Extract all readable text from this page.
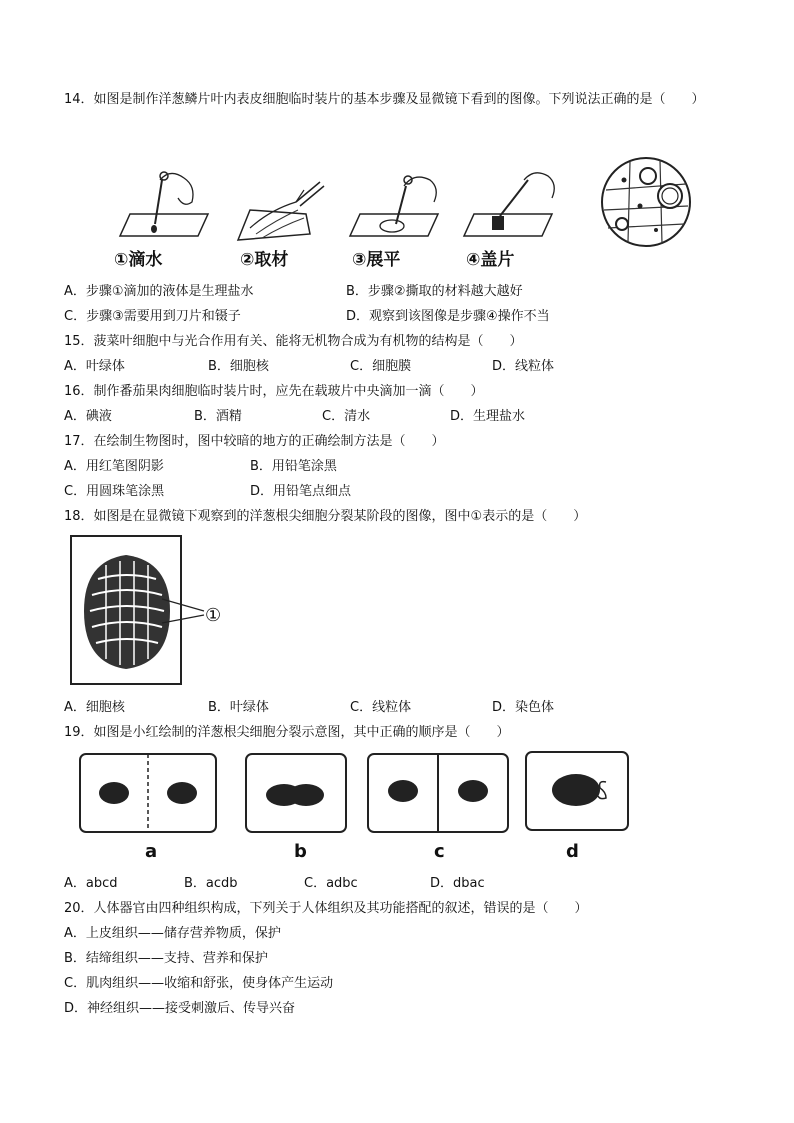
14．如图是制作洋葱鳞片叶内表皮细胞临时装片的基本步骤及显微镜下看到的图像。下列说法正确的是（　　）
①滴水	②取材	③展平	④盖片
A．步骤①滴加的液体是生理盐水	B．步骤②撕取的材料越大越好
C．步骤③需要用到刀片和镊子	D．观察到该图像是步骤④操作不当
15．菠菜叶细胞中与光合作用有关、能将无机物合成为有机物的结构是（　　）
A．叶绿体	B．细胞核	C．细胞膜	D．线粒体
16．制作番茄果肉细胞临时装片时，应先在载玻片中央滴加一滴（　　）
A．碘液	B．酒精	C．清水	D．生理盐水
17．在绘制生物图时，图中较暗的地方的正确绘制方法是（　　）
A．用红笔图阴影	B．用铅笔涂黑
C．用圆珠笔涂黑	D．用铅笔点细点
18．如图是在显微镜下观察到的洋葱根尖细胞分裂某阶段的图像，图中①表示的是（　　）
①
A．细胞核	B．叶绿体	C．线粒体	D．染色体
19．如图是小红绘制的洋葱根尖细胞分裂示意图，其中正确的顺序是（　　）
a	b	c	d
A．abcd	B．acdb	C．adbc	D．dbac
20．人体器官由四种组织构成，下列关于人体组织及其功能搭配的叙述，错误的是（　　）
A．上皮组织——储存营养物质，保护
B．结缔组织——支持、营养和保护
C．肌肉组织——收缩和舒张，使身体产生运动
D．神经组织——接受刺激后、传导兴奋
